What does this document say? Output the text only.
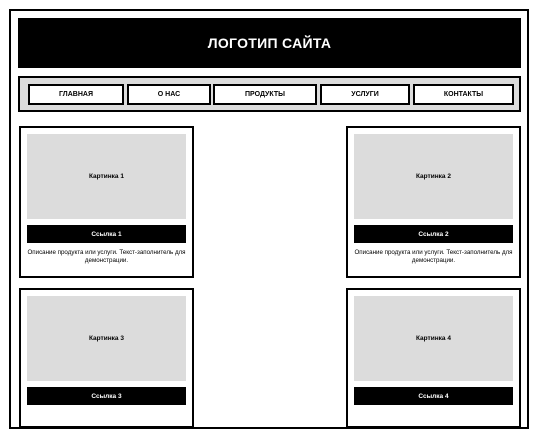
ЛОГОТИП САЙТА
ГЛАВНАЯ	О НАС	ПРОДУКТЫ	УСЛУГИ	КОНТАКТЫ
Картинка 1
Ссылка 1
Описание продукта или услуги. Текст-заполнитель для демонстрации.
Картинка 2
Ссылка 2
Описание продукта или услуги. Текст-заполнитель для демонстрации.
Картинка 3
Ссылка 3
Картинка 4
Ссылка 4
